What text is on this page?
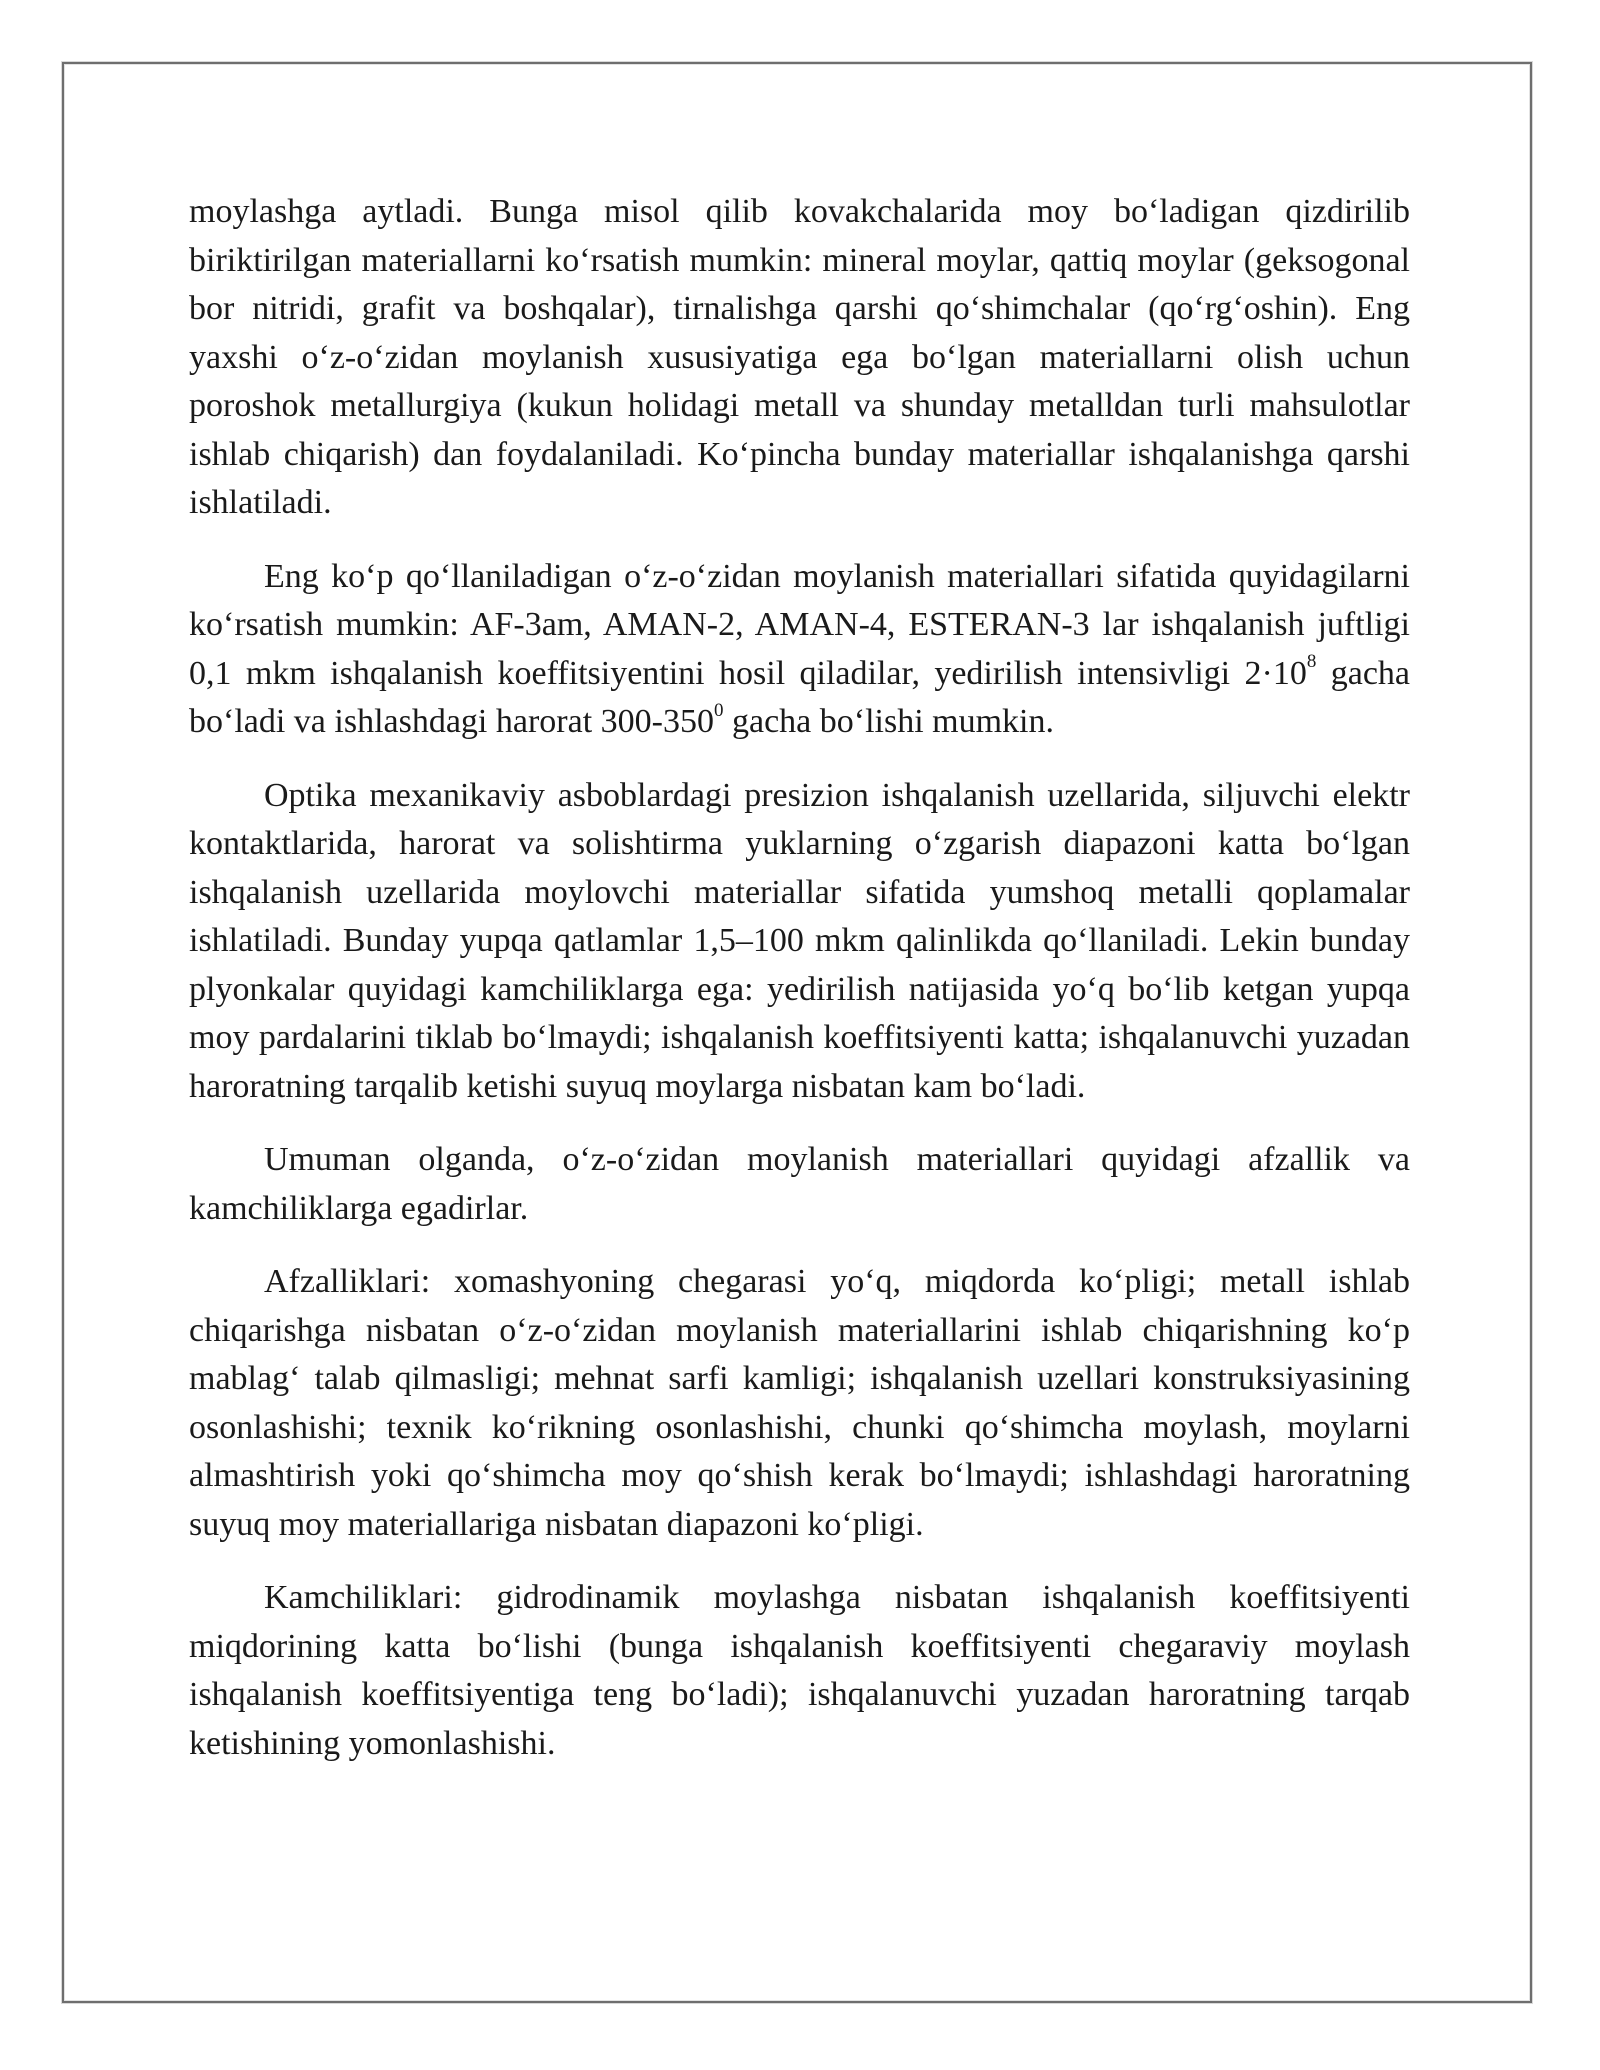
moylashga aytladi. Bunga misol qilib kovakchalarida moy bo‘ladigan qizdirilib biriktirilgan materiallarni ko‘rsatish mumkin: mineral moylar, qattiq moylar (geksogonal bor nitridi, grafit va boshqalar), tirnalishga qarshi qo‘shimchalar (qo‘rg‘oshin). Eng yaxshi o‘z-o‘zidan moylanish xususiyatiga ega bo‘lgan materiallarni olish uchun poroshok metallurgiya (kukun holidagi metall va shunday metalldan turli mahsulotlar ishlab chiqarish) dan foydalaniladi. Ko‘pincha bunday materiallar ishqalanishga qarshi ishlatiladi.

Eng ko‘p qo‘llaniladigan o‘z-o‘zidan moylanish materiallari sifatida quyidagilarni ko‘rsatish mumkin: AF-3am, AMAN-2, AMAN-4, ESTERAN-3 lar ishqalanish juftligi 0,1 mkm ishqalanish koeffitsiyentini hosil qiladilar, yedirilish intensivligi $2\cdot 10^8$ gacha bo‘ladi va ishlashdagi harorat $300-350^0$ gacha bo‘lishi mumkin.

Optika mexanikaviy asboblardagi presizion ishqalanish uzellarida, siljuvchi elektr kontaktlarida, harorat va solishtirma yuklarning o‘zgarish diapazoni katta bo‘lgan ishqalanish uzellarida moylovchi materiallar sifatida yumshoq metalli qoplamalar ishlatiladi. Bunday yupqa qatlamlar 1,5–100 mkm qalinlikda qo‘llaniladi. Lekin bunday plyonkalar quyidagi kamchiliklarga ega: yedirilish natijasida yo‘q bo‘lib ketgan yupqa moy pardalarini tiklab bo‘lmaydi; ishqalanish koeffitsiyenti katta; ishqalanuvchi yuzadan haroratning tarqalib ketishi suyuq moylarga nisbatan kam bo‘ladi.

Umuman olganda, o‘z-o‘zidan moylanish materiallari quyidagi afzallik va kamchiliklarga egadirlar.

Afzalliklari: xomashyoning chegarasi yo‘q, miqdorda ko‘pligi; metall ishlab chiqarishga nisbatan o‘z-o‘zidan moylanish materiallarini ishlab chiqarishning ko‘p mablag‘ talab qilmasligi; mehnat sarfi kamligi; ishqalanish uzellari konstruksiyasining osonlashishi; texnik ko‘rikning osonlashishi, chunki qo‘shimcha moylash, moylarni almashtirish yoki qo‘shimcha moy qo‘shish kerak bo‘lmaydi; ishlashdagi haroratning suyuq moy materiallariga nisbatan diapazoni ko‘pligi.

Kamchiliklari: gidrodinamik moylashga nisbatan ishqalanish koeffitsiyenti miqdorining katta bo‘lishi (bunga ishqalanish koeffitsiyenti chegaraviy moylash ishqalanish koeffitsiyentiga teng bo‘ladi); ishqalanuvchi yuzadan haroratning tarqab ketishining yomonlashishi.
